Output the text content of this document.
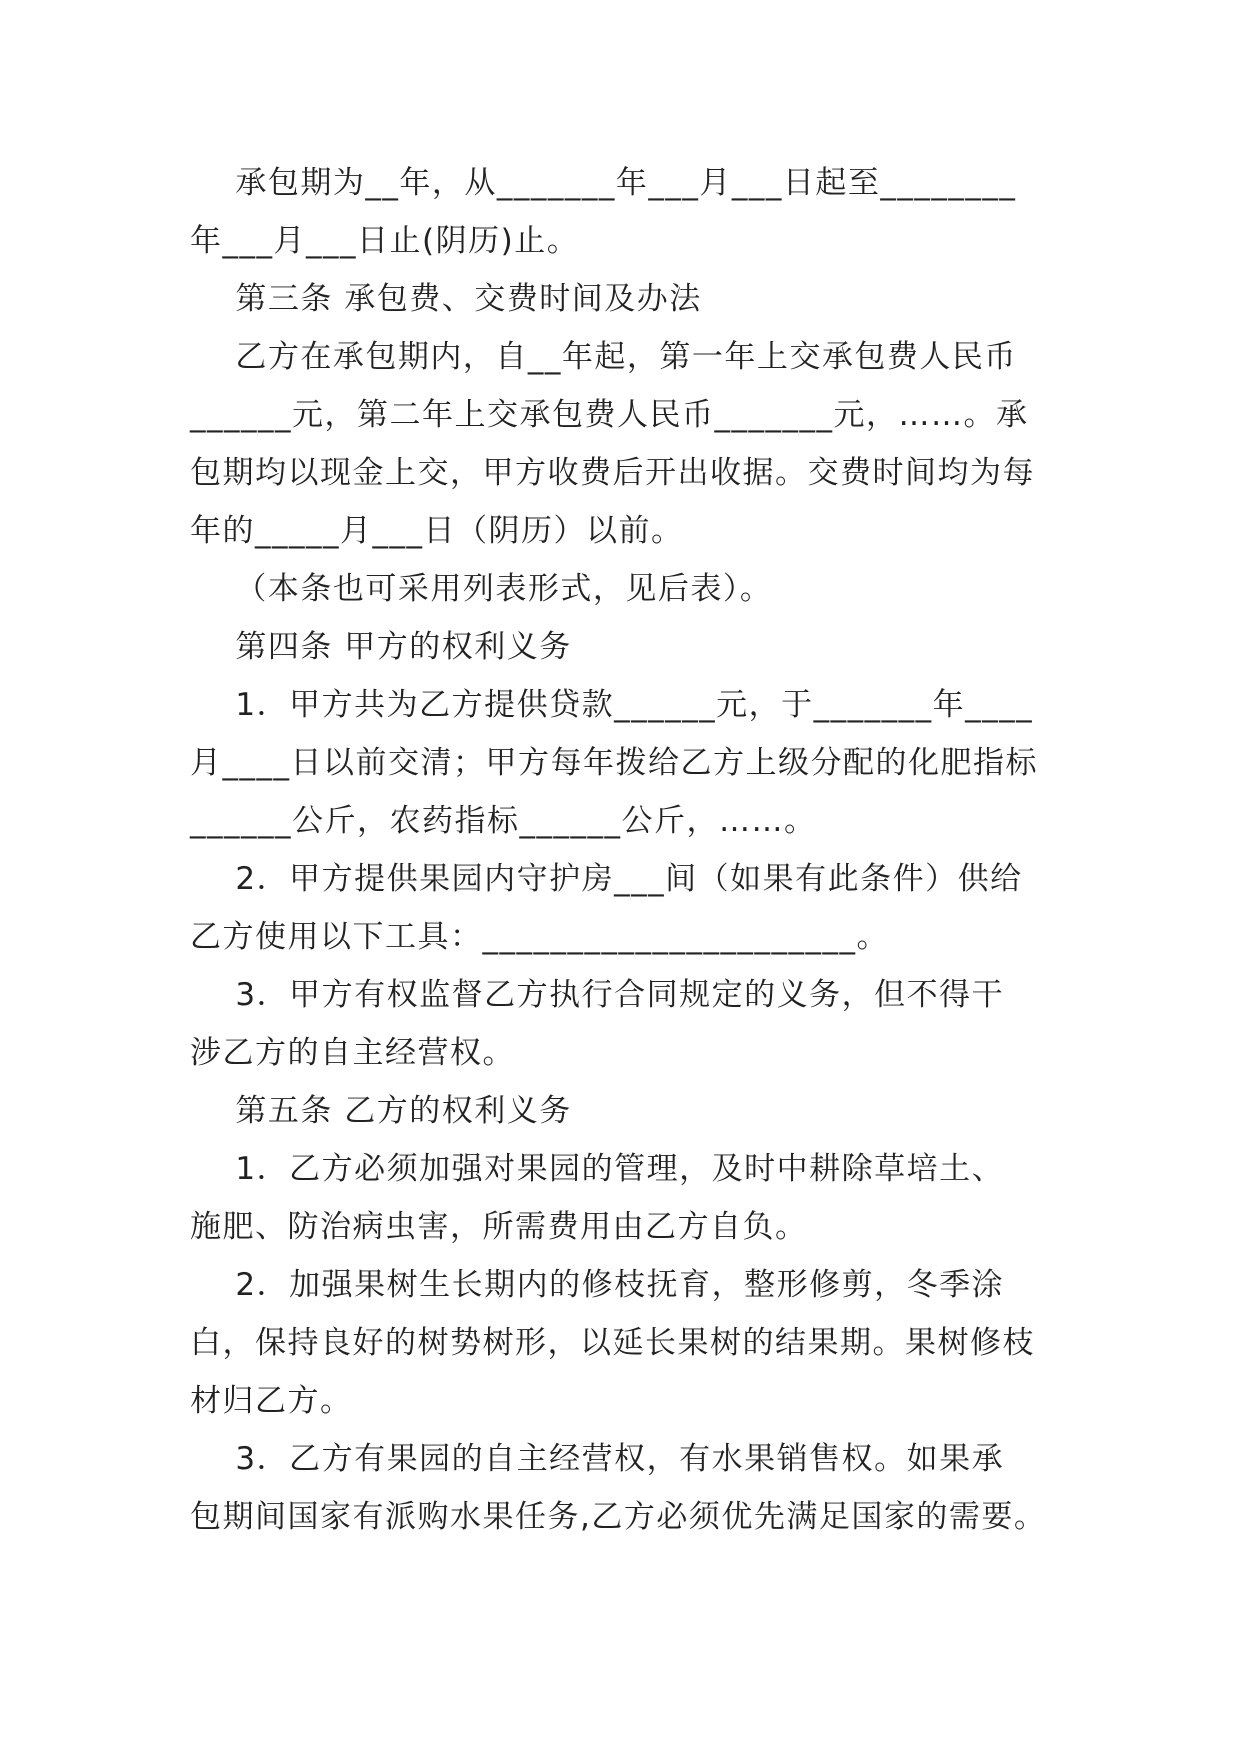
承包期为__年，从_______年___月___日起至________

年___月___日止(阴历)止。

第三条 承包费、交费时间及办法

乙方在承包期内，自__年起，第一年上交承包费人民币

______元，第二年上交承包费人民币_______元，……。承

包期均以现金上交，甲方收费后开出收据。交费时间均为每

年的_____月___日（阴历）以前。

（本条也可采用列表形式，见后表）。

第四条 甲方的权利义务

1．甲方共为乙方提供贷款______元，于_______年____

月____日以前交清；甲方每年拨给乙方上级分配的化肥指标

______公斤，农药指标______公斤，……。

2．甲方提供果园内守护房___间（如果有此条件）供给

乙方使用以下工具：______________________。

3．甲方有权监督乙方执行合同规定的义务，但不得干

涉乙方的自主经营权。

第五条 乙方的权利义务

1．乙方必须加强对果园的管理，及时中耕除草培土、

施肥、防治病虫害，所需费用由乙方自负。

2．加强果树生长期内的修枝抚育，整形修剪，冬季涂

白，保持良好的树势树形，以延长果树的结果期。果树修枝

材归乙方。

3．乙方有果园的自主经营权，有水果销售权。如果承

包期间国家有派购水果任务,乙方必须优先满足国家的需要。
